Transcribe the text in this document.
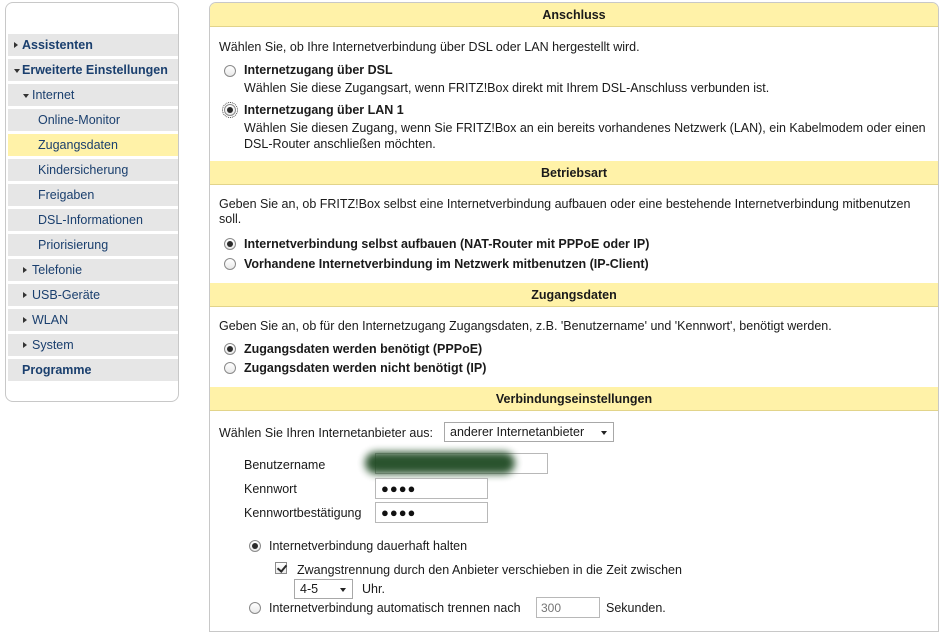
Assistenten
Erweiterte Einstellungen
Internet
Online-Monitor
Zugangsdaten
Kindersicherung
Freigaben
DSL-Informationen
Priorisierung
Telefonie
USB-Geräte
WLAN
System
Programme
Anschluss
Wählen Sie, ob Ihre Internetverbindung über DSL oder LAN hergestellt wird.
Internetzugang über DSL
Wählen Sie diese Zugangsart, wenn FRITZ!Box direkt mit Ihrem DSL-Anschluss verbunden ist.
Internetzugang über LAN 1
Wählen Sie diesen Zugang, wenn Sie FRITZ!Box an ein bereits vorhandenes Netzwerk (LAN), ein Kabelmodem oder einen DSL-Router anschließen möchten.
Betriebsart
Geben Sie an, ob FRITZ!Box selbst eine Internetverbindung aufbauen oder eine bestehende Internetverbindung mitbenutzen soll.
Internetverbindung selbst aufbauen (NAT-Router mit PPPoE oder IP)
Vorhandene Internetverbindung im Netzwerk mitbenutzen (IP-Client)
Zugangsdaten
Geben Sie an, ob für den Internetzugang Zugangsdaten, z.B. 'Benutzername' und 'Kennwort', benötigt werden.
Zugangsdaten werden benötigt (PPPoE)
Zugangsdaten werden nicht benötigt (IP)
Verbindungseinstellungen
Wählen Sie Ihren Internetanbieter aus:	anderer Internetanbieter
Benutzername
Kennwort	●●●●
Kennwortbestätigung ●●●●
Internetverbindung dauerhaft halten
Zwangstrennung durch den Anbieter verschieben in die Zeit zwischen
4-5	Uhr.
Internetverbindung automatisch trennen nach
300	Sekunden.
